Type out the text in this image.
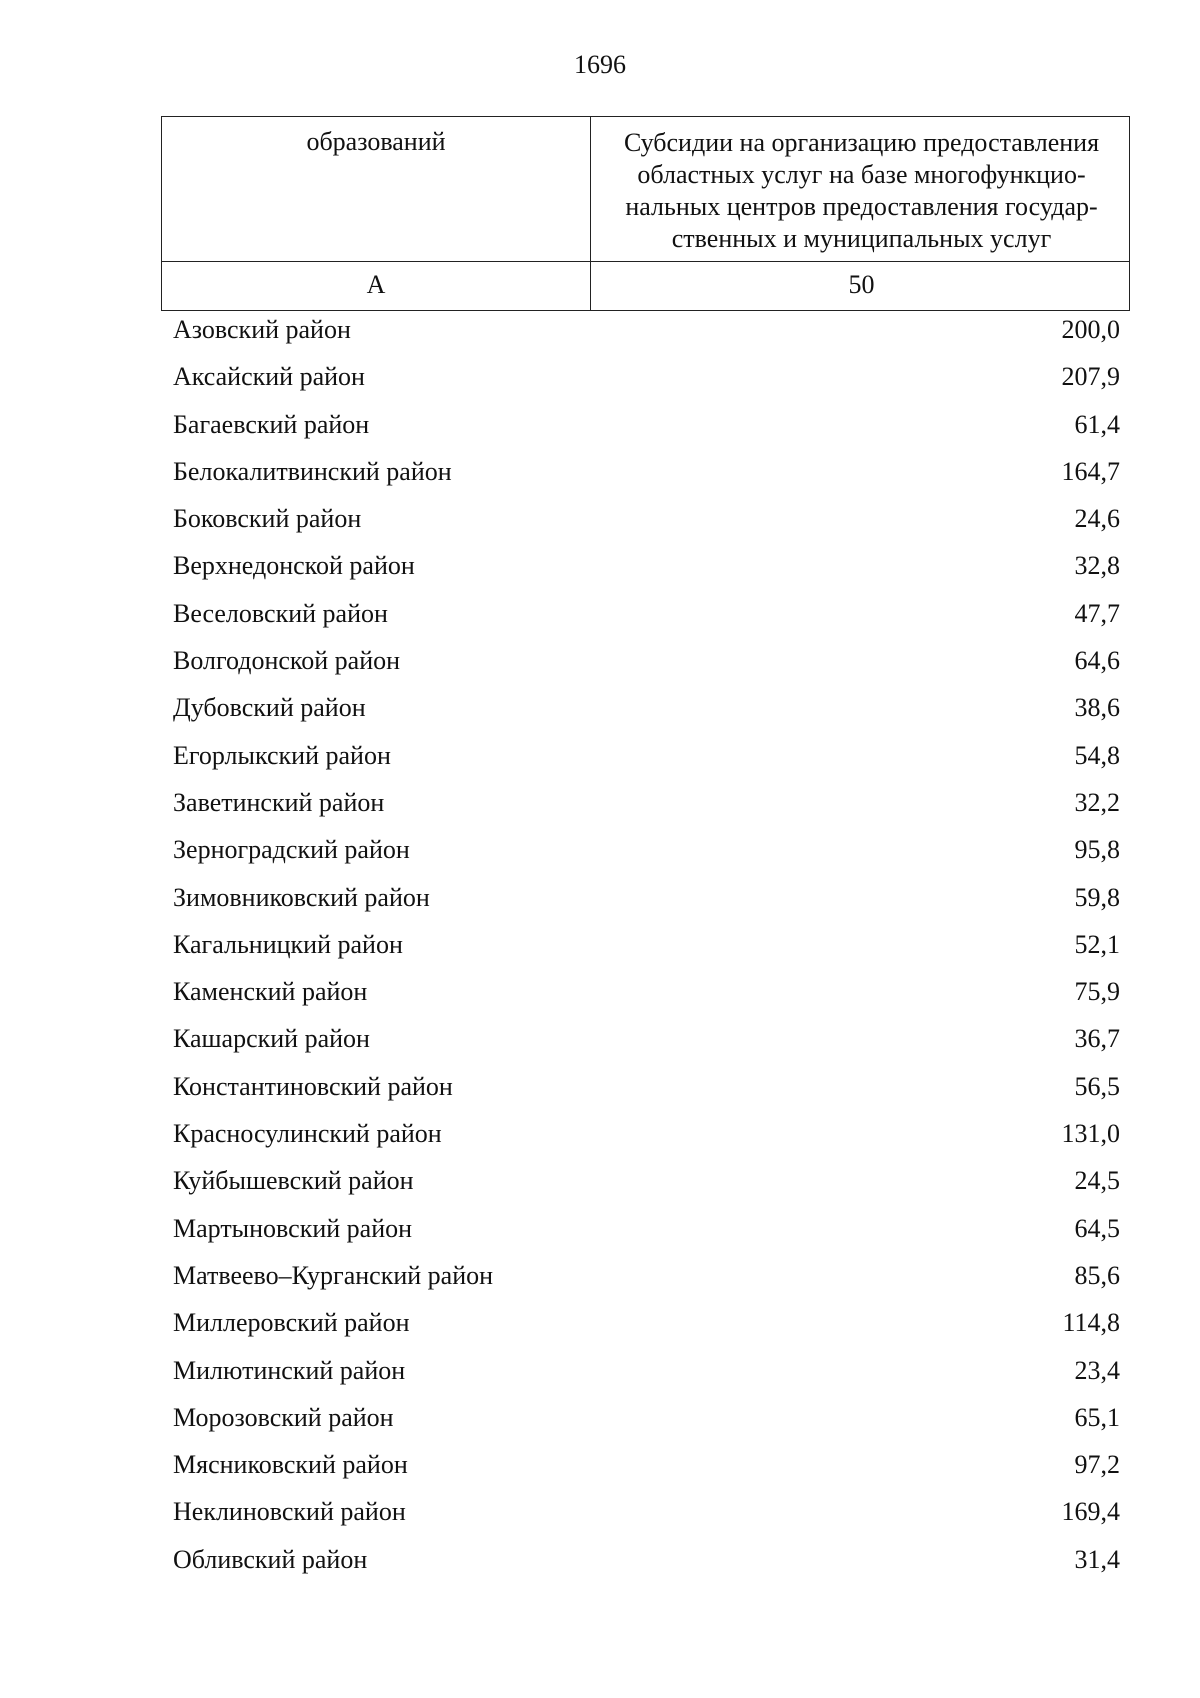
1696
образований	Субсидии на организацию предоставления
областных услуг на базе многофункцио-
нальных центров предоставления государ-
ственных и муниципальных услуг
А	50
Азовский район	200,0
Аксайский район	207,9
Багаевский район	61,4
Белокалитвинский район	164,7
Боковский район	24,6
Верхнедонской район	32,8
Веселовский район	47,7
Волгодонской район	64,6
Дубовский район	38,6
Егорлыкский район	54,8
Заветинский район	32,2
Зерноградский район	95,8
Зимовниковский район	59,8
Кагальницкий район	52,1
Каменский район	75,9
Кашарский район	36,7
Константиновский район	56,5
Красносулинский район	131,0
Куйбышевский район	24,5
Мартыновский район	64,5
Матвеево–Курганский район	85,6
Миллеровский район	114,8
Милютинский район	23,4
Морозовский район	65,1
Мясниковский район	97,2
Неклиновский район	169,4
Обливский район	31,4
